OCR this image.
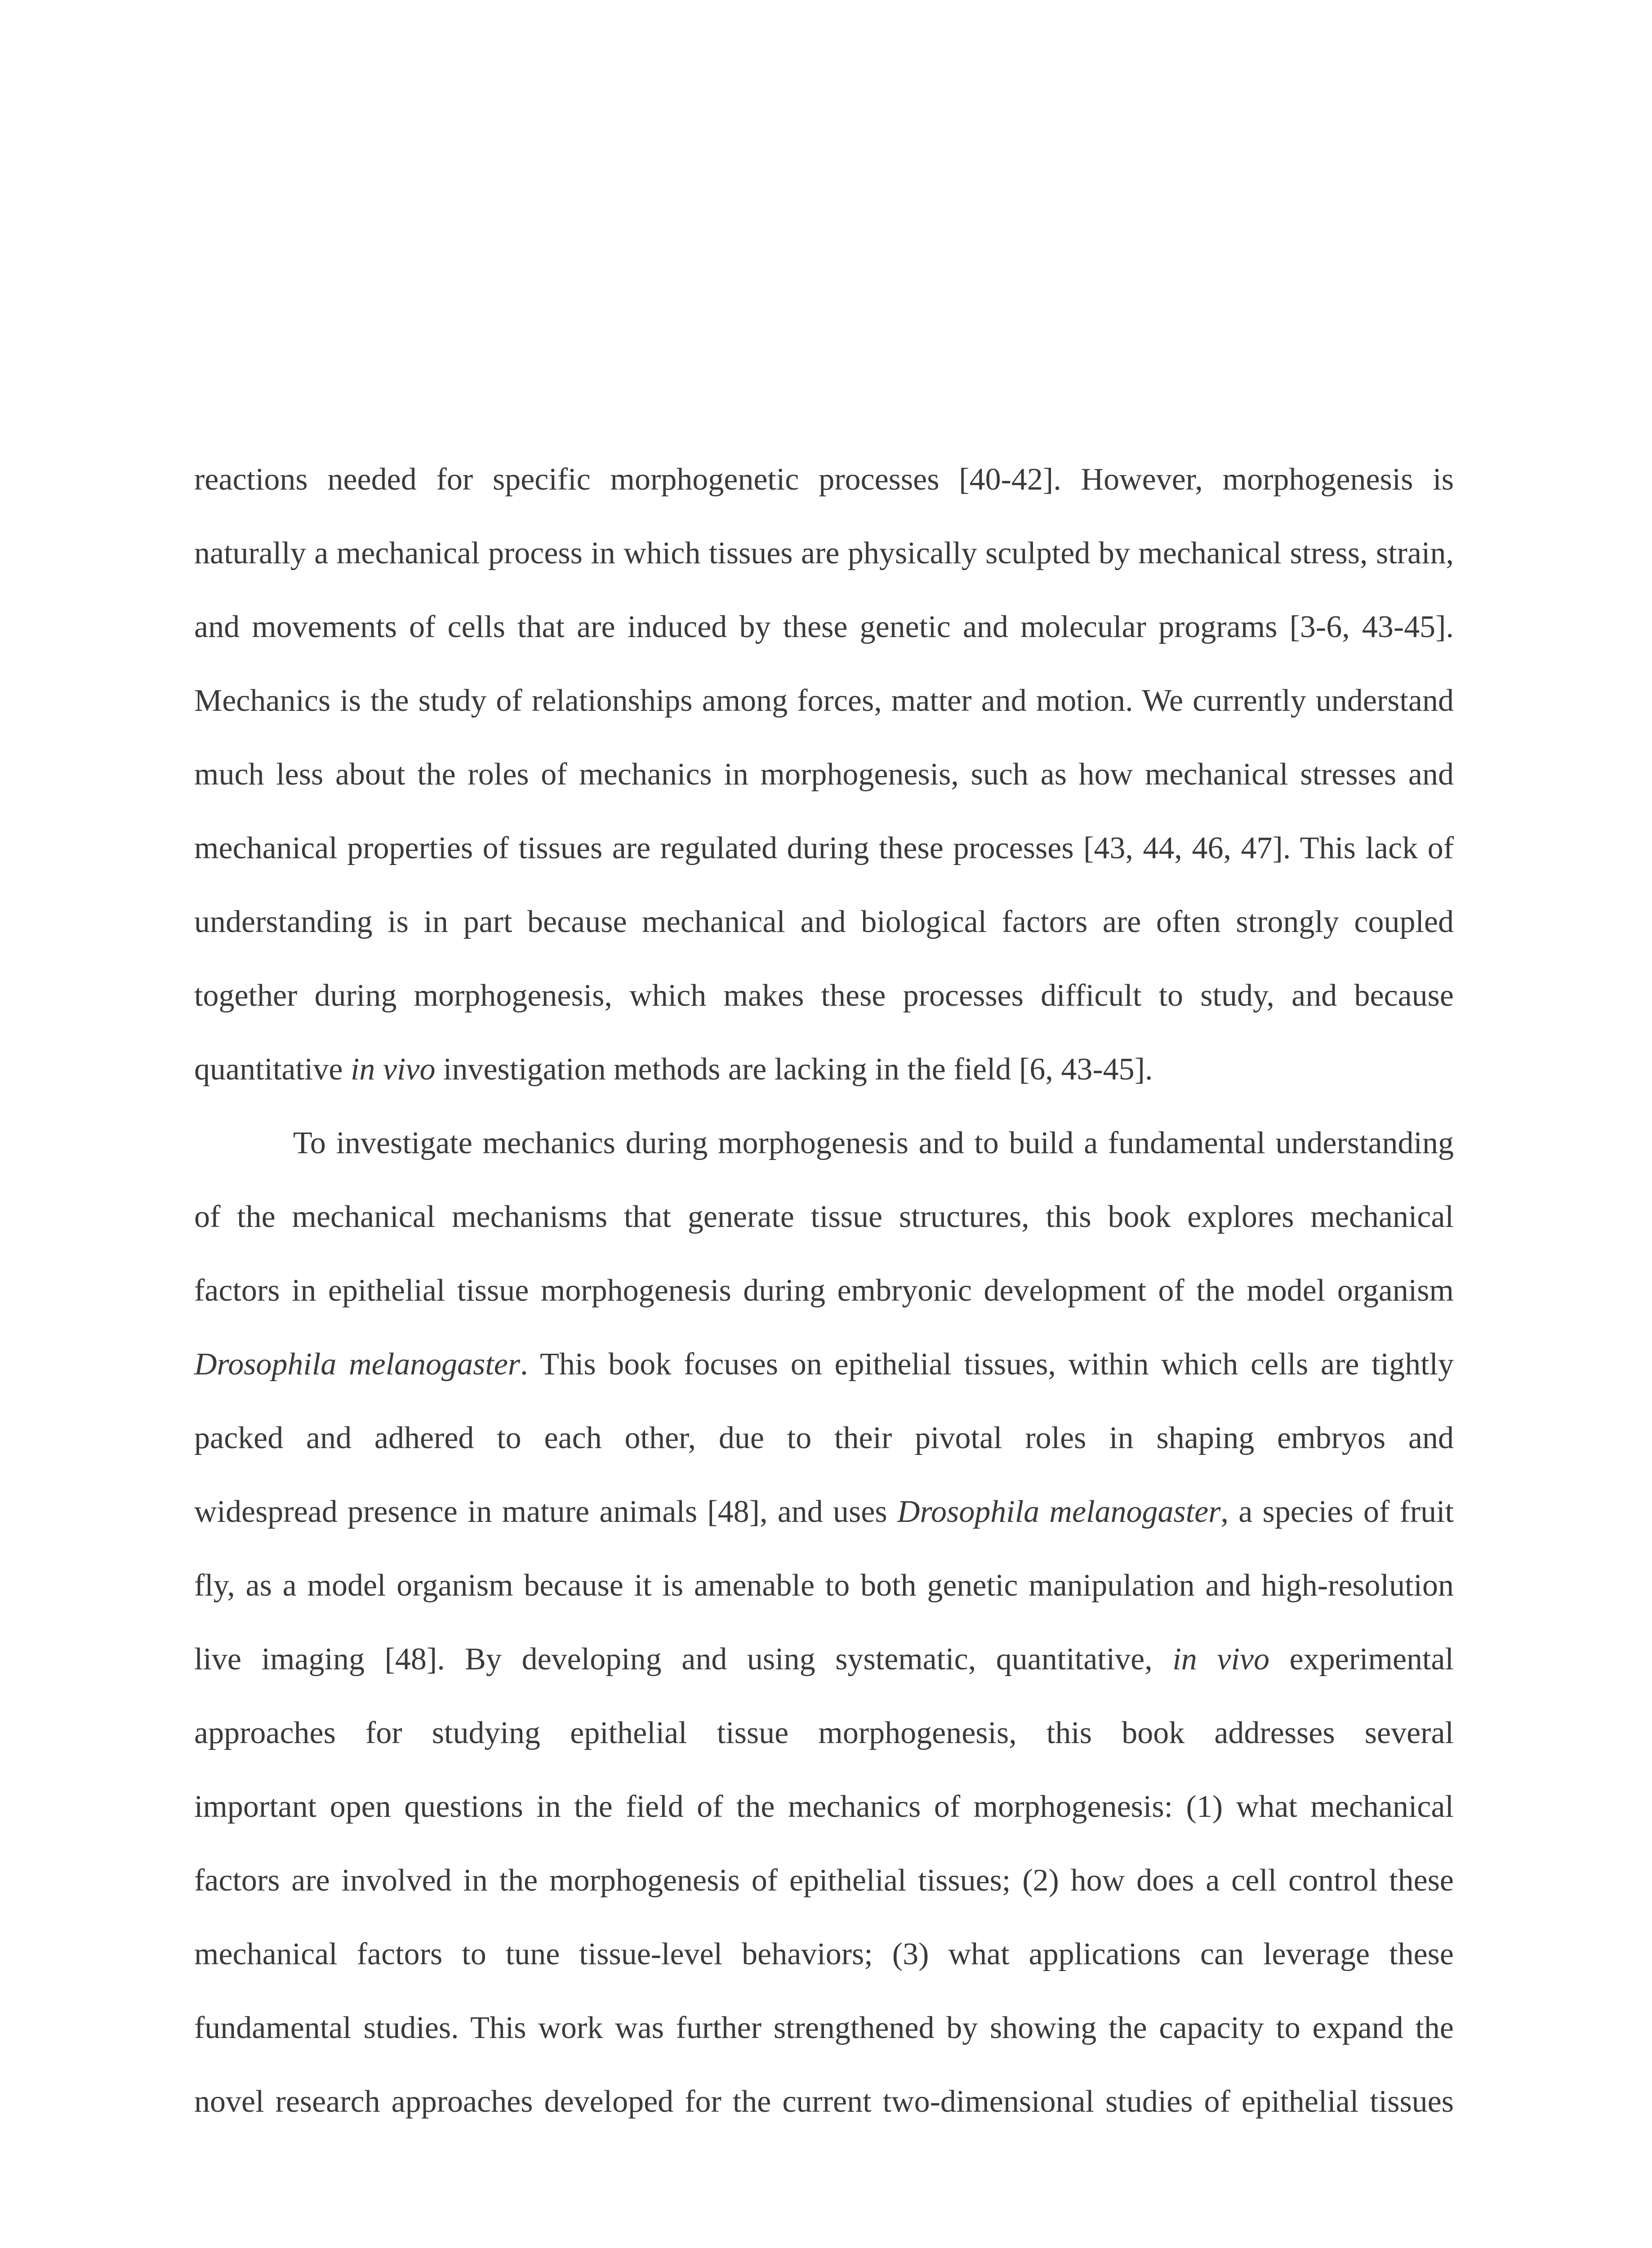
reactions needed for specific morphogenetic processes [40-42]. However, morphogenesis is
naturally a mechanical process in which tissues are physically sculpted by mechanical stress, strain,
and movements of cells that are induced by these genetic and molecular programs [3-6, 43-45].
Mechanics is the study of relationships among forces, matter and motion. We currently understand
much less about the roles of mechanics in morphogenesis, such as how mechanical stresses and
mechanical properties of tissues are regulated during these processes [43, 44, 46, 47]. This lack of
understanding is in part because mechanical and biological factors are often strongly coupled
together during morphogenesis, which makes these processes difficult to study, and because
quantitative in vivo investigation methods are lacking in the field [6, 43-45].
To investigate mechanics during morphogenesis and to build a fundamental understanding
of the mechanical mechanisms that generate tissue structures, this book explores mechanical
factors in epithelial tissue morphogenesis during embryonic development of the model organism
Drosophila melanogaster. This book focuses on epithelial tissues, within which cells are tightly
packed and adhered to each other, due to their pivotal roles in shaping embryos and
widespread presence in mature animals [48], and uses Drosophila melanogaster, a species of fruit
fly, as a model organism because it is amenable to both genetic manipulation and high-resolution
live imaging [48]. By developing and using systematic, quantitative, in vivo experimental
approaches for studying epithelial tissue morphogenesis, this book addresses several
important open questions in the field of the mechanics of morphogenesis: (1) what mechanical
factors are involved in the morphogenesis of epithelial tissues; (2) how does a cell control these
mechanical factors to tune tissue-level behaviors; (3) what applications can leverage these
fundamental studies. This work was further strengthened by showing the capacity to expand the
novel research approaches developed for the current two-dimensional studies of epithelial tissues
